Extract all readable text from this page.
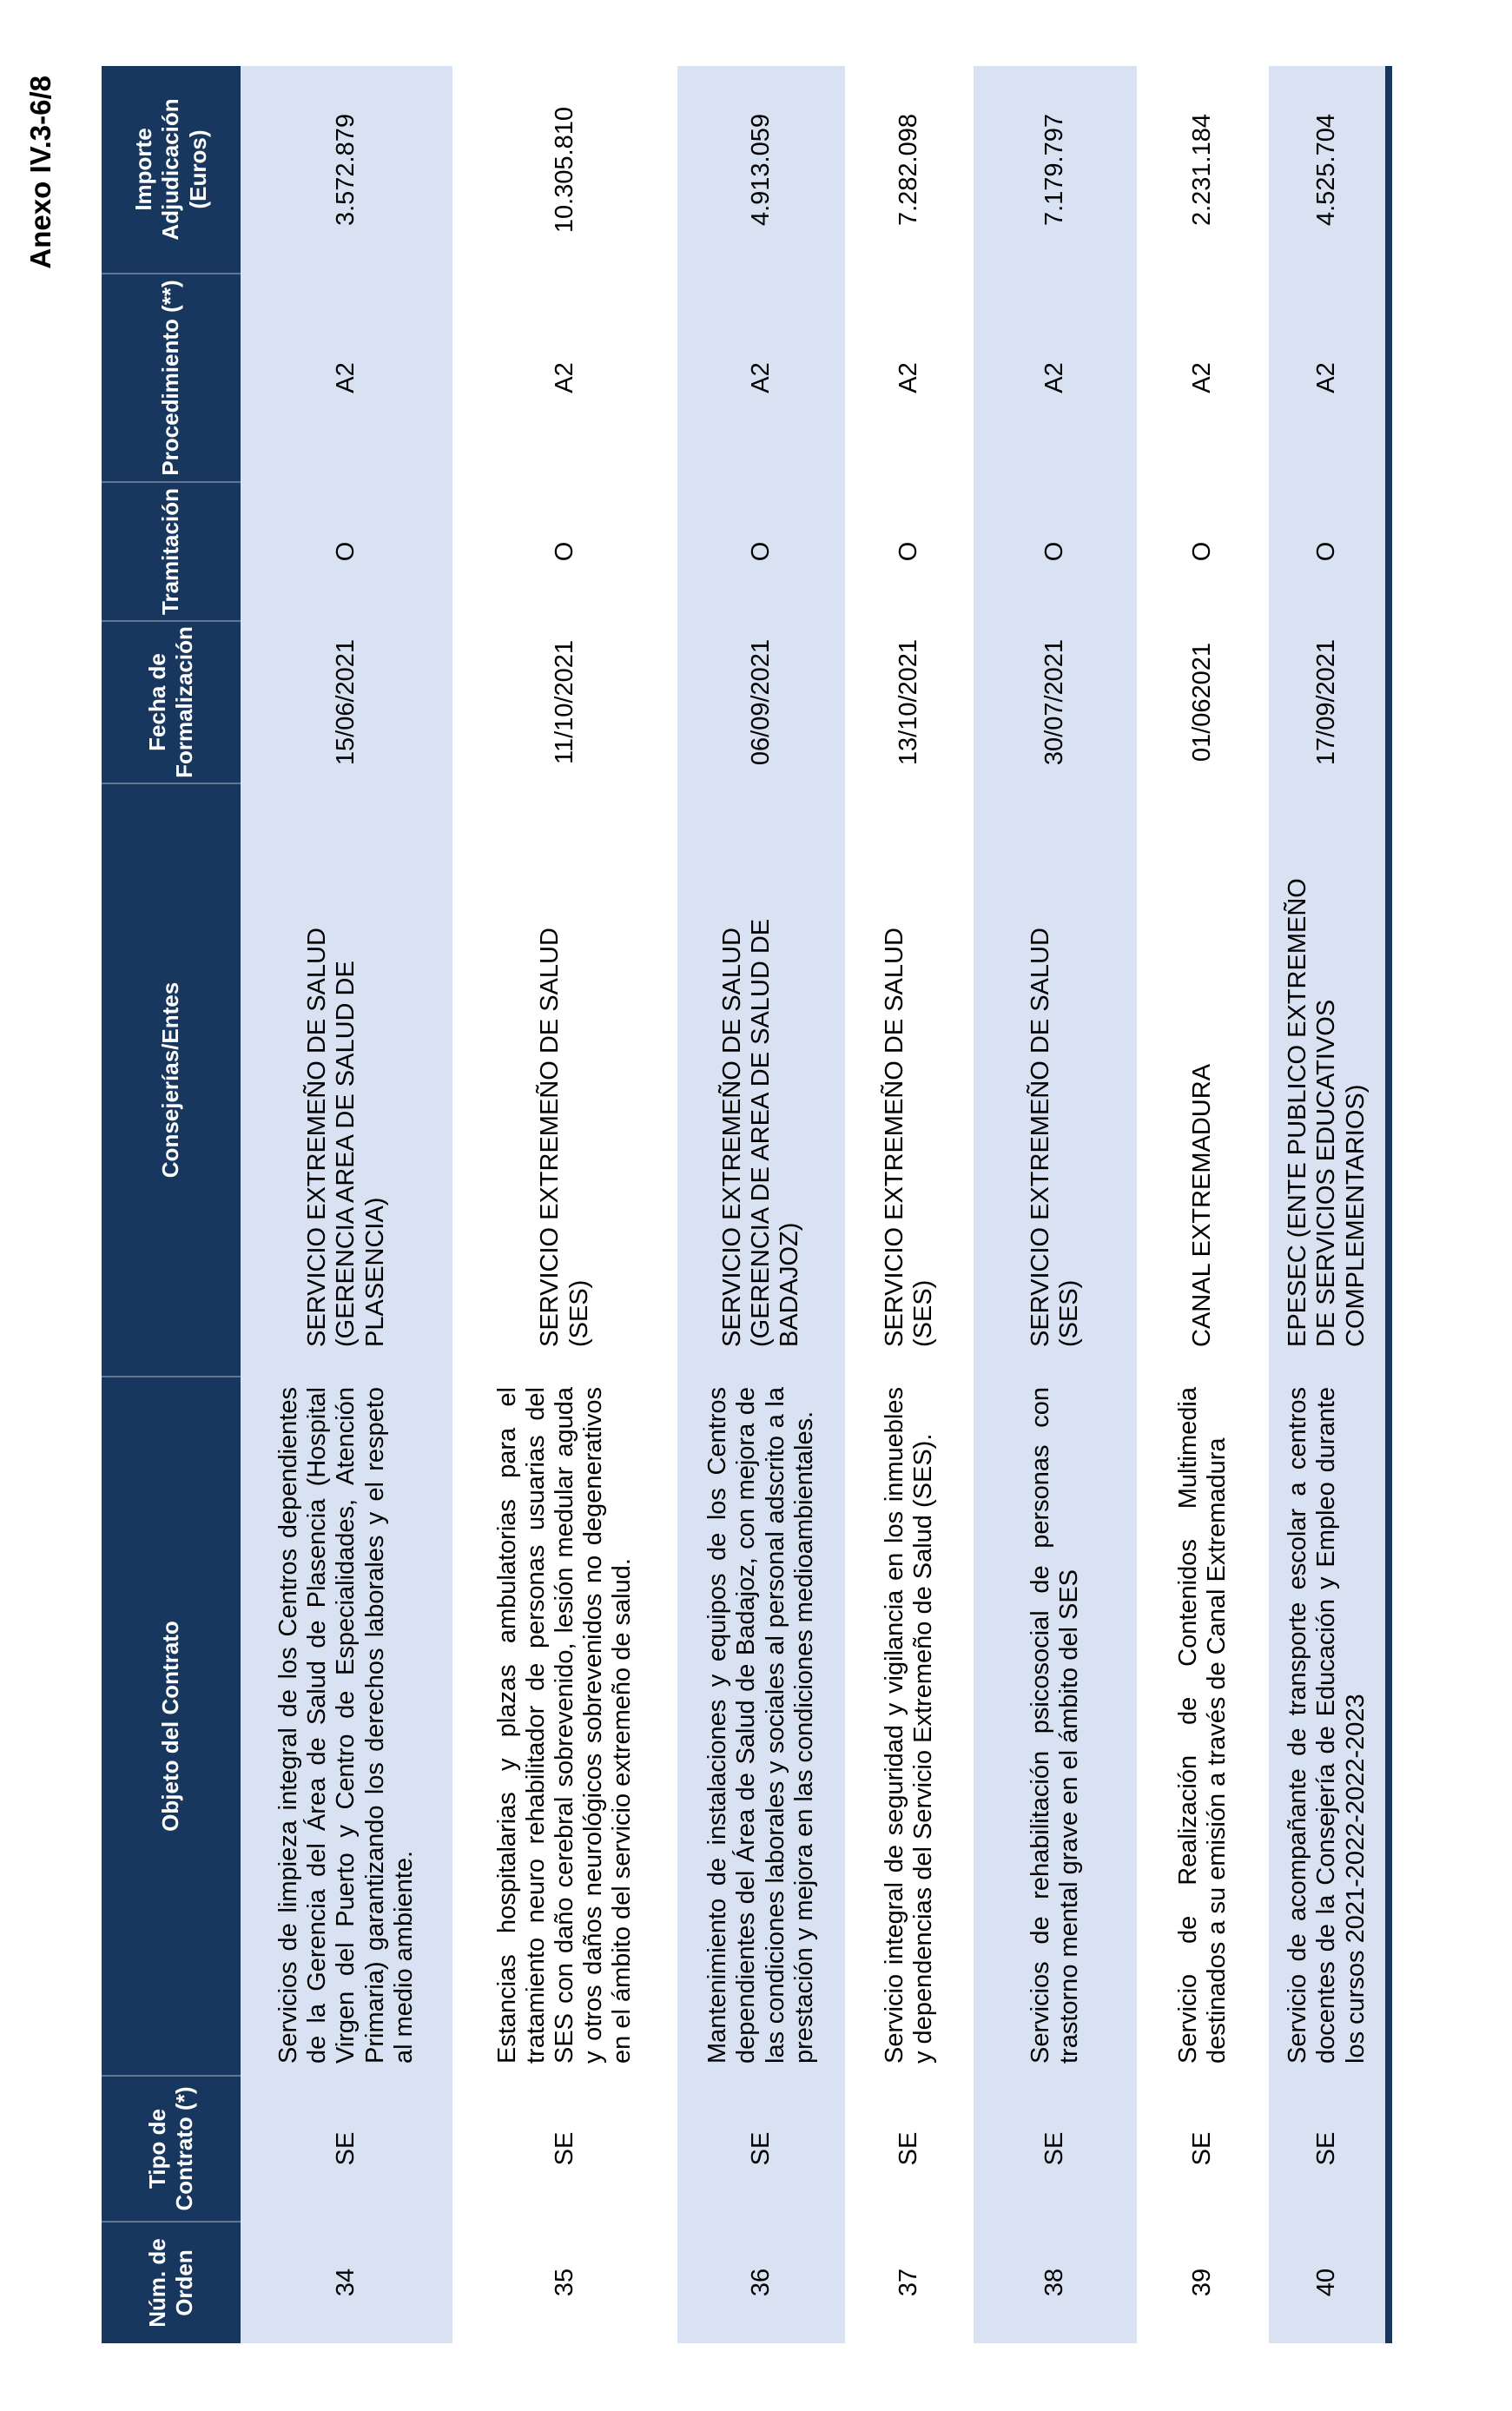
Anexo IV.3-6/8
Núm. de Orden	Tipo de Contrato (*)	Objeto del Contrato	Consejerías/Entes	Fecha de Formalización	Tramitación	Procedimiento (**)	Importe Adjudicación (Euros)
34	SE	Servicios de limpieza integral de los Centros dependientes de la Gerencia del Área de Salud de Plasencia (Hospital Virgen del Puerto y Centro de Especialidades, Atención Primaria) garantizando los derechos laborales y el respeto al medio ambiente.	SERVICIO EXTREMEÑO DE SALUD (GERENCIA AREA DE SALUD DE PLASENCIA)	15/06/2021	O	A2	3.572.879
35	SE	Estancias hospitalarias y plazas ambulatorias para el tratamiento neuro rehabilitador de personas usuarias del SES con daño cerebral sobrevenido, lesión medular aguda y otros daños neurológicos sobrevenidos no degenerativos en el ámbito del servicio extremeño de salud.	SERVICIO EXTREMEÑO DE SALUD (SES)	11/10/2021	O	A2	10.305.810
36	SE	Mantenimiento de instalaciones y equipos de los Centros dependientes del Área de Salud de Badajoz, con mejora de las condiciones laborales y sociales al personal adscrito a la prestación y mejora en las condiciones medioambientales.	SERVICIO EXTREMEÑO DE SALUD (GERENCIA DE AREA DE SALUD DE BADAJOZ)	06/09/2021	O	A2	4.913.059
37	SE	Servicio integral de seguridad y vigilancia en los inmuebles y dependencias del Servicio Extremeño de Salud (SES).	SERVICIO EXTREMEÑO DE SALUD (SES)	13/10/2021	O	A2	7.282.098
38	SE	Servicios de rehabilitación psicosocial de personas con trastorno mental grave en el ámbito del SES	SERVICIO EXTREMEÑO DE SALUD (SES)	30/07/2021	O	A2	7.179.797
39	SE	Servicio de Realización de Contenidos Multimedia destinados a su emisión a través de Canal Extremadura	CANAL EXTREMADURA	01/062021	O	A2	2.231.184
40	SE	Servicio de acompañante de transporte escolar a centros docentes de la Consejería de Educación y Empleo durante los cursos 2021-2022-2022-2023	EPESEC (ENTE PUBLICO EXTREMEÑO DE SERVICIOS EDUCATIVOS COMPLEMENTARIOS)	17/09/2021	O	A2	4.525.704
